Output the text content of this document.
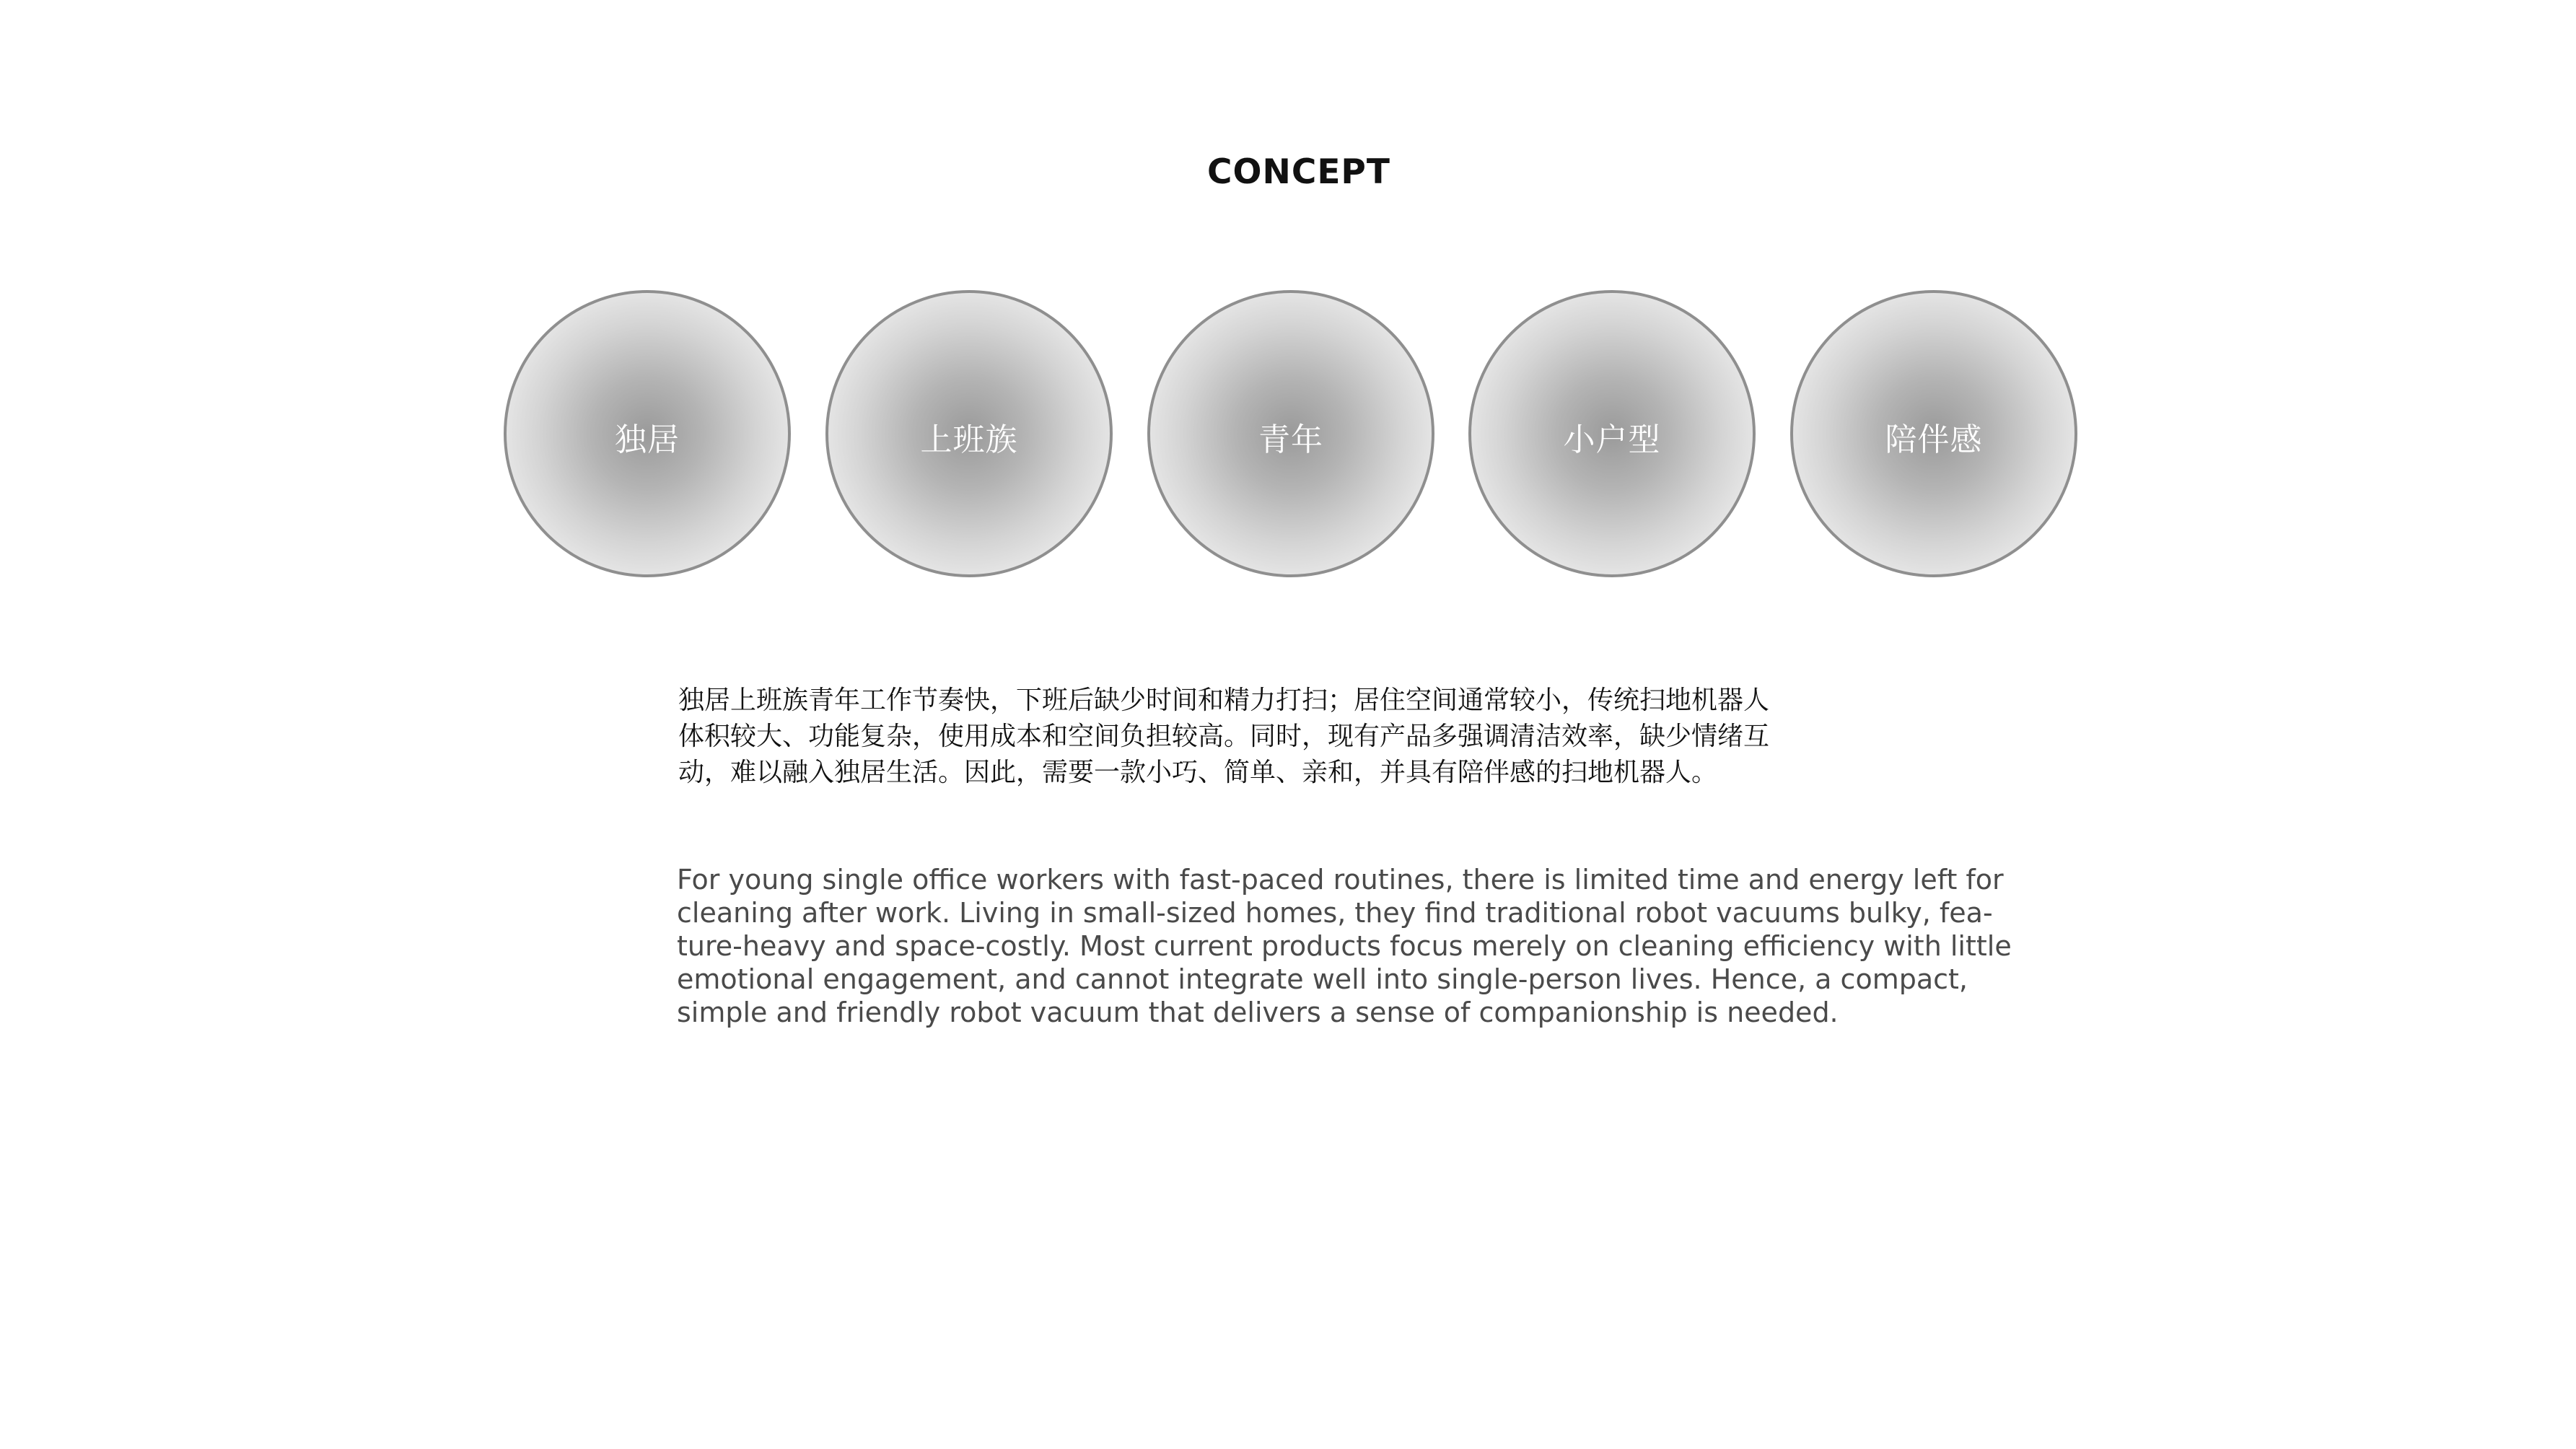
CONCEPT
独居	上班族	青年	小户型	陪伴感

独居上班族青年工作节奏快，下班后缺少时间和精力打扫；居住空间通常较小，传统扫地机器人
体积较大、功能复杂，使用成本和空间负担较高。同时，现有产品多强调清洁效率，缺少情绪互
动，难以融入独居生活。因此，需要一款小巧、简单、亲和，并具有陪伴感的扫地机器人。

For young single office workers with fast-paced routines, there is limited time and energy left for
cleaning after work. Living in small-sized homes, they find traditional robot vacuums bulky, fea-
ture-heavy and space-costly. Most current products focus merely on cleaning efficiency with little
emotional engagement, and cannot integrate well into single-person lives. Hence, a compact,
simple and friendly robot vacuum that delivers a sense of companionship is needed.
